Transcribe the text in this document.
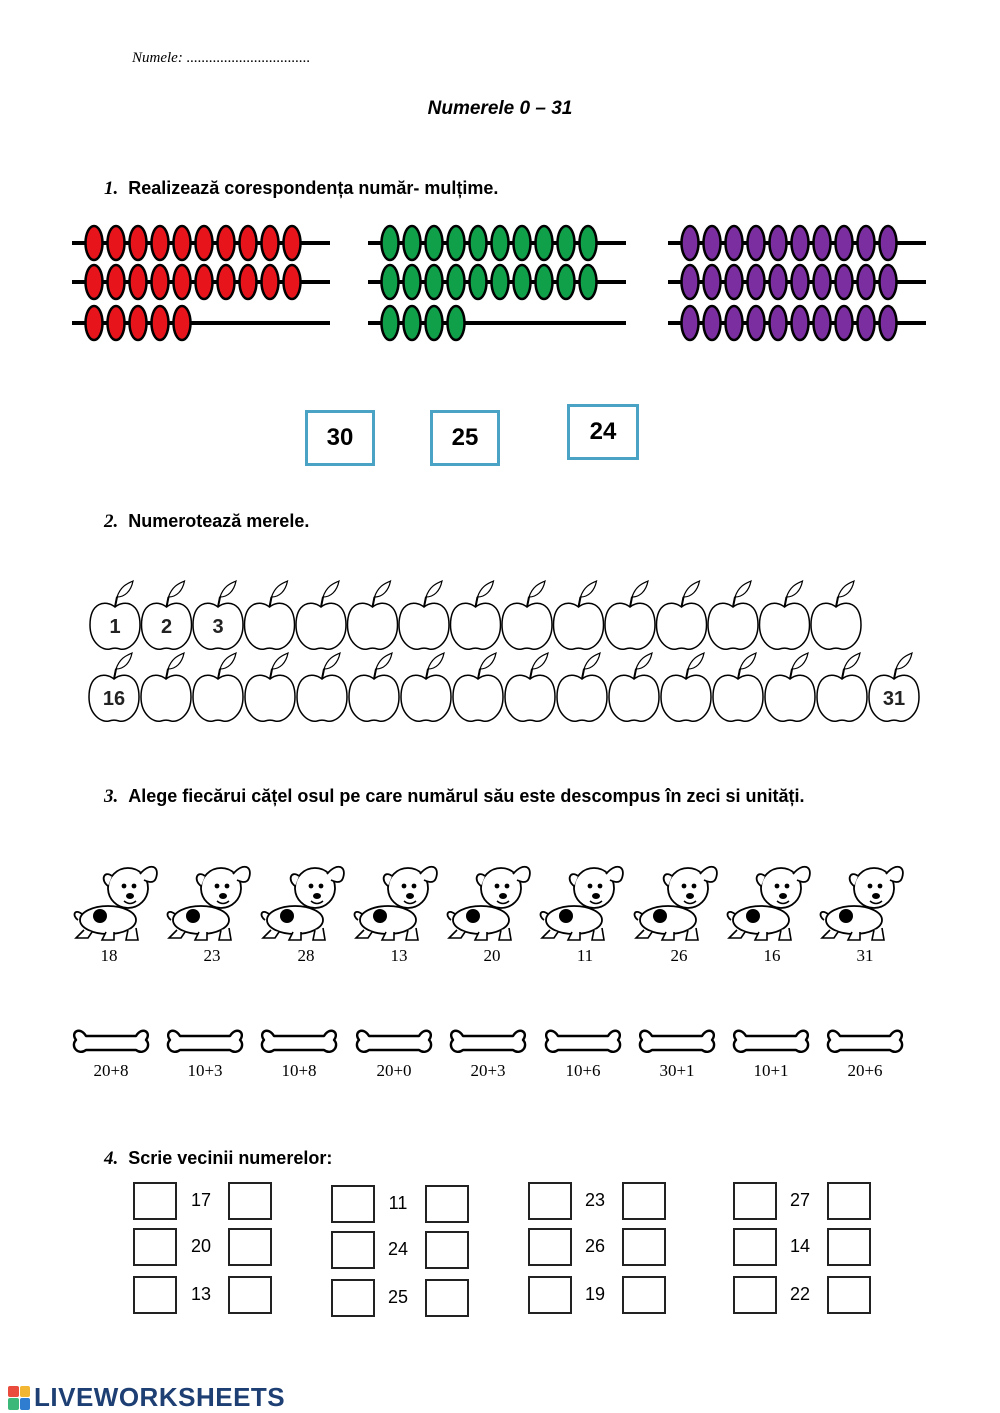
Numele: .................................
Numerele 0 – 31
1. Realizează corespondența număr- mulțime.
30	25	24
2. Numerotează merele.
1 2 3
16	31
3. Alege fiecărui cățel osul pe care numărul său este descompus în zeci si unități.
18	23	28	13	20	11	26	16	31
20+8	10+3	10+8	20+0	20+3	10+6	30+1	10+1	20+6
4. Scrie vecinii numerelor:
17
20
13
11
24
25
23
26
19
27
14
22
LIVEWORKSHEETS
